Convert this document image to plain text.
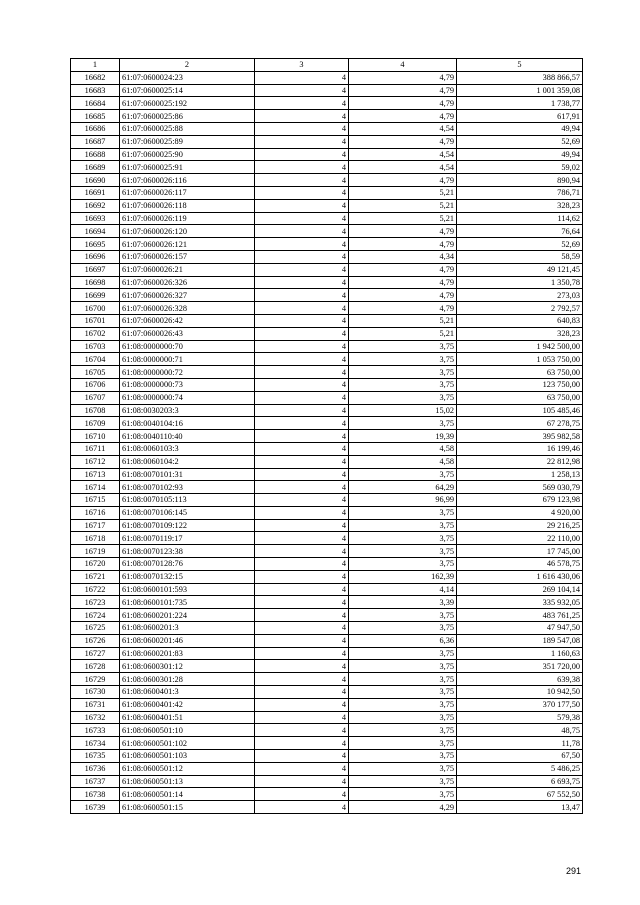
1	2	3	4	5
16682	61:07:0600024:23	4	4,79	388 866,57
16683	61:07:0600025:14	4	4,79	1 001 359,08
16684	61:07:0600025:192	4	4,79	1 738,77
16685	61:07:0600025:86	4	4,79	617,91
16686	61:07:0600025:88	4	4,54	49,94
16687	61:07:0600025:89	4	4,79	52,69
16688	61:07:0600025:90	4	4,54	49,94
16689	61:07:0600025:91	4	4,54	59,02
16690	61:07:0600026:116	4	4,79	890,94
16691	61:07:0600026:117	4	5,21	786,71
16692	61:07:0600026:118	4	5,21	328,23
16693	61:07:0600026:119	4	5,21	114,62
16694	61:07:0600026:120	4	4,79	76,64
16695	61:07:0600026:121	4	4,79	52,69
16696	61:07:0600026:157	4	4,34	58,59
16697	61:07:0600026:21	4	4,79	49 121,45
16698	61:07:0600026:326	4	4,79	1 350,78
16699	61:07:0600026:327	4	4,79	273,03
16700	61:07:0600026:328	4	4,79	2 792,57
16701	61:07:0600026:42	4	5,21	640,83
16702	61:07:0600026:43	4	5,21	328,23
16703	61:08:0000000:70	4	3,75	1 942 500,00
16704	61:08:0000000:71	4	3,75	1 053 750,00
16705	61:08:0000000:72	4	3,75	63 750,00
16706	61:08:0000000:73	4	3,75	123 750,00
16707	61:08:0000000:74	4	3,75	63 750,00
16708	61:08:0030203:3	4	15,02	105 485,46
16709	61:08:0040104:16	4	3,75	67 278,75
16710	61:08:0040110:40	4	19,39	395 982,58
16711	61:08:0060103:3	4	4,58	16 199,46
16712	61:08:0060104:2	4	4,58	22 812,98
16713	61:08:0070101:31	4	3,75	1 258,13
16714	61:08:0070102:93	4	64,29	569 030,79
16715	61:08:0070105:113	4	96,99	679 123,98
16716	61:08:0070106:145	4	3,75	4 920,00
16717	61:08:0070109:122	4	3,75	29 216,25
16718	61:08:0070119:17	4	3,75	22 110,00
16719	61:08:0070123:38	4	3,75	17 745,00
16720	61:08:0070128:76	4	3,75	46 578,75
16721	61:08:0070132:15	4	162,39	1 616 430,06
16722	61:08:0600101:593	4	4,14	269 104,14
16723	61:08:0600101:735	4	3,39	335 932,05
16724	61:08:0600201:224	4	3,75	483 761,25
16725	61:08:0600201:3	4	3,75	47 947,50
16726	61:08:0600201:46	4	6,36	189 547,08
16727	61:08:0600201:83	4	3,75	1 160,63
16728	61:08:0600301:12	4	3,75	351 720,00
16729	61:08:0600301:28	4	3,75	639,38
16730	61:08:0600401:3	4	3,75	10 942,50
16731	61:08:0600401:42	4	3,75	370 177,50
16732	61:08:0600401:51	4	3,75	579,38
16733	61:08:0600501:10	4	3,75	48,75
16734	61:08:0600501:102	4	3,75	11,78
16735	61:08:0600501:103	4	3,75	67,50
16736	61:08:0600501:12	4	3,75	5 486,25
16737	61:08:0600501:13	4	3,75	6 693,75
16738	61:08:0600501:14	4	3,75	67 552,50
16739	61:08:0600501:15	4	4,29	13,47
291
